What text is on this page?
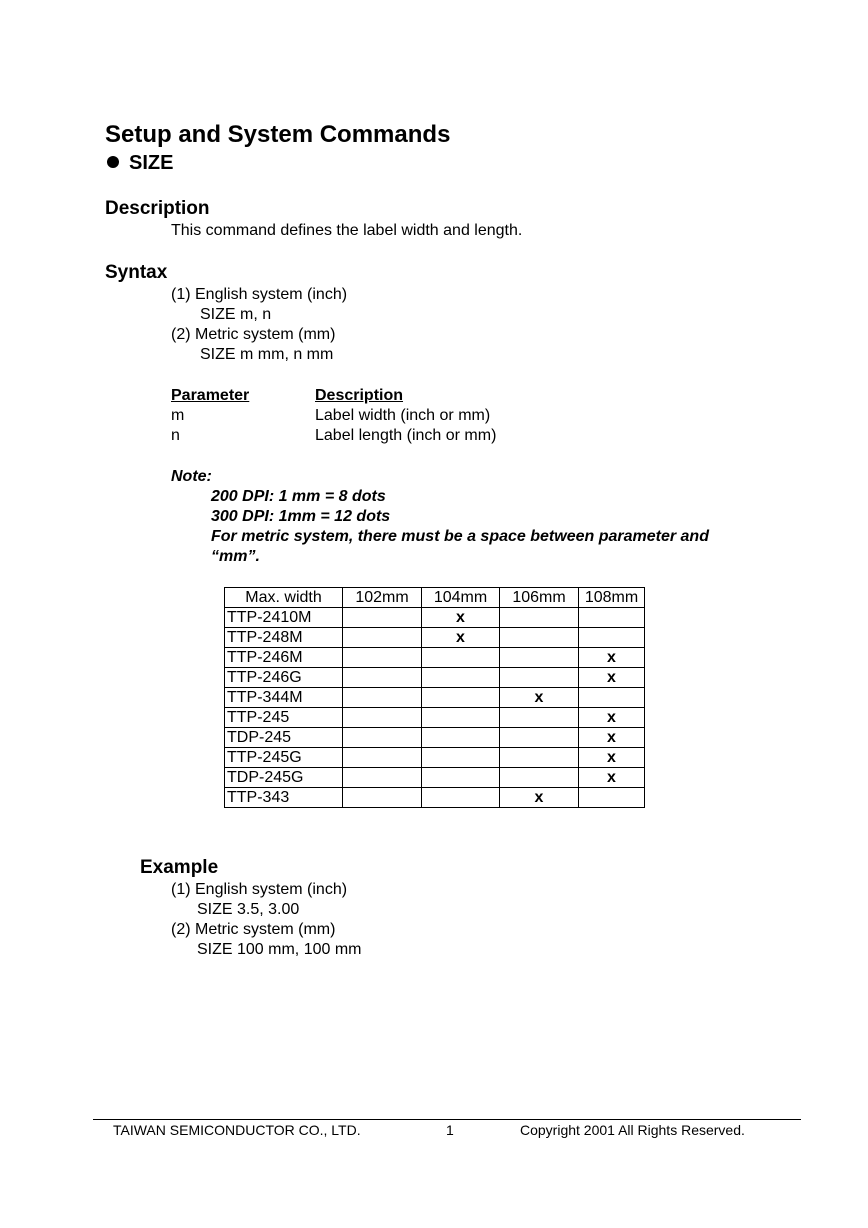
Setup and System Commands
SIZE
Description
This command defines the label width and length.
Syntax
(1) English system (inch)
SIZE m, n
(2) Metric system (mm)
SIZE m mm, n mm
Parameter	Description
m	Label width (inch or mm)
n	Label length (inch or mm)
Note:
200 DPI: 1 mm = 8 dots
300 DPI: 1mm = 12 dots
For metric system, there must be a space between parameter and
“mm”.
Max. width	102mm	104mm	106mm	108mm
TTP-2410M		x		
TTP-248M		x		
TTP-246M				x
TTP-246G				x
TTP-344M			x	
TTP-245				x
TDP-245				x
TTP-245G				x
TDP-245G				x
TTP-343			x	
Example
(1) English system (inch)
SIZE 3.5, 3.00
(2) Metric system (mm)
SIZE 100 mm, 100 mm
TAIWAN SEMICONDUCTOR CO., LTD.	1	Copyright 2001 All Rights Reserved.
